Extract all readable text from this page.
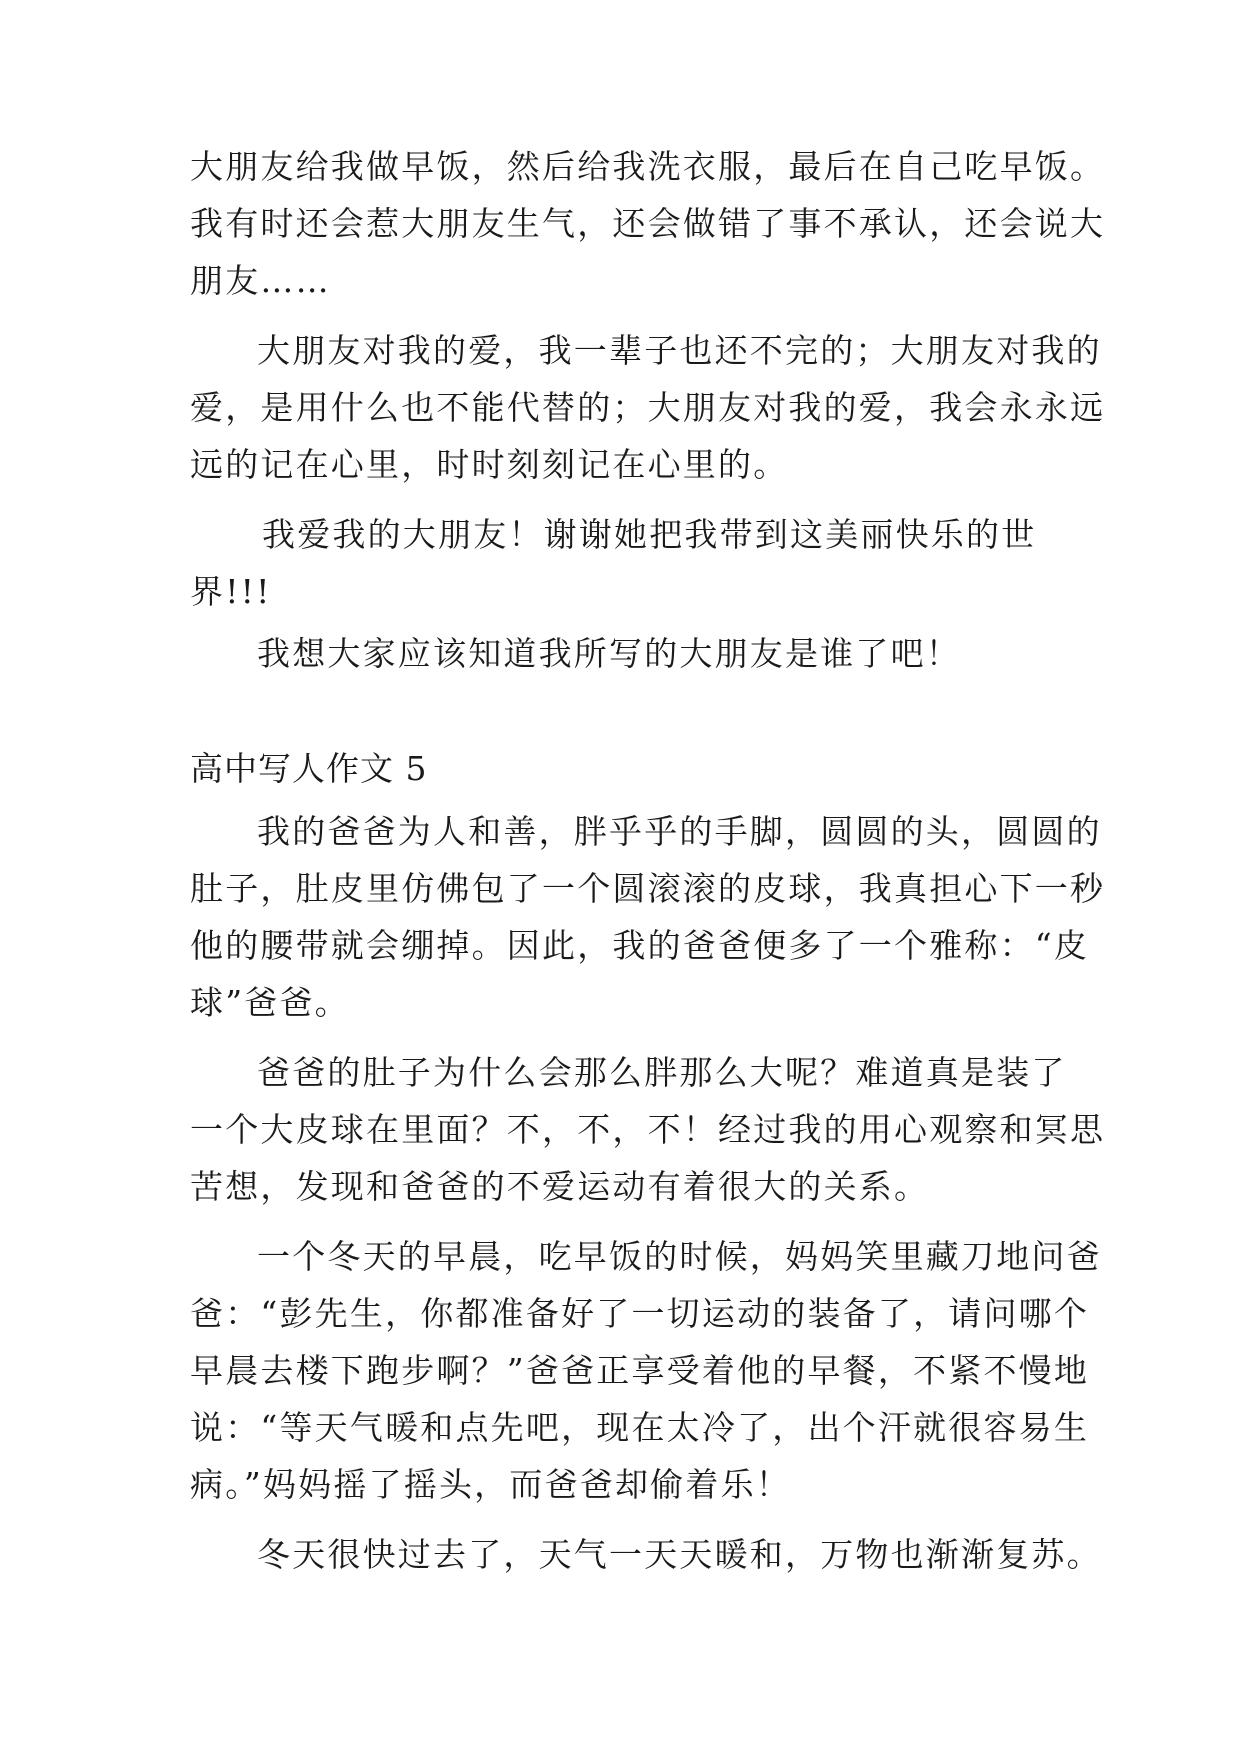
大朋友给我做早饭，然后给我洗衣服，最后在自己吃早饭。
我有时还会惹大朋友生气，还会做错了事不承认，还会说大
朋友……
大朋友对我的爱，我一辈子也还不完的；大朋友对我的
爱，是用什么也不能代替的；大朋友对我的爱，我会永永远
远的记在心里，时时刻刻记在心里的。
我爱我的大朋友！谢谢她把我带到这美丽快乐的世
界!!!
我想大家应该知道我所写的大朋友是谁了吧！
高中写人作文 5
我的爸爸为人和善，胖乎乎的手脚，圆圆的头，圆圆的
肚子，肚皮里仿佛包了一个圆滚滚的皮球，我真担心下一秒
他的腰带就会绷掉。因此，我的爸爸便多了一个雅称：“皮
球”爸爸。
爸爸的肚子为什么会那么胖那么大呢？难道真是装了
一个大皮球在里面？不，不，不！经过我的用心观察和冥思
苦想，发现和爸爸的不爱运动有着很大的关系。
一个冬天的早晨，吃早饭的时候，妈妈笑里藏刀地问爸
爸：“彭先生，你都准备好了一切运动的装备了，请问哪个
早晨去楼下跑步啊？”爸爸正享受着他的早餐，不紧不慢地
说：“等天气暖和点先吧，现在太冷了，出个汗就很容易生
病。”妈妈摇了摇头，而爸爸却偷着乐！
冬天很快过去了，天气一天天暖和，万物也渐渐复苏。
